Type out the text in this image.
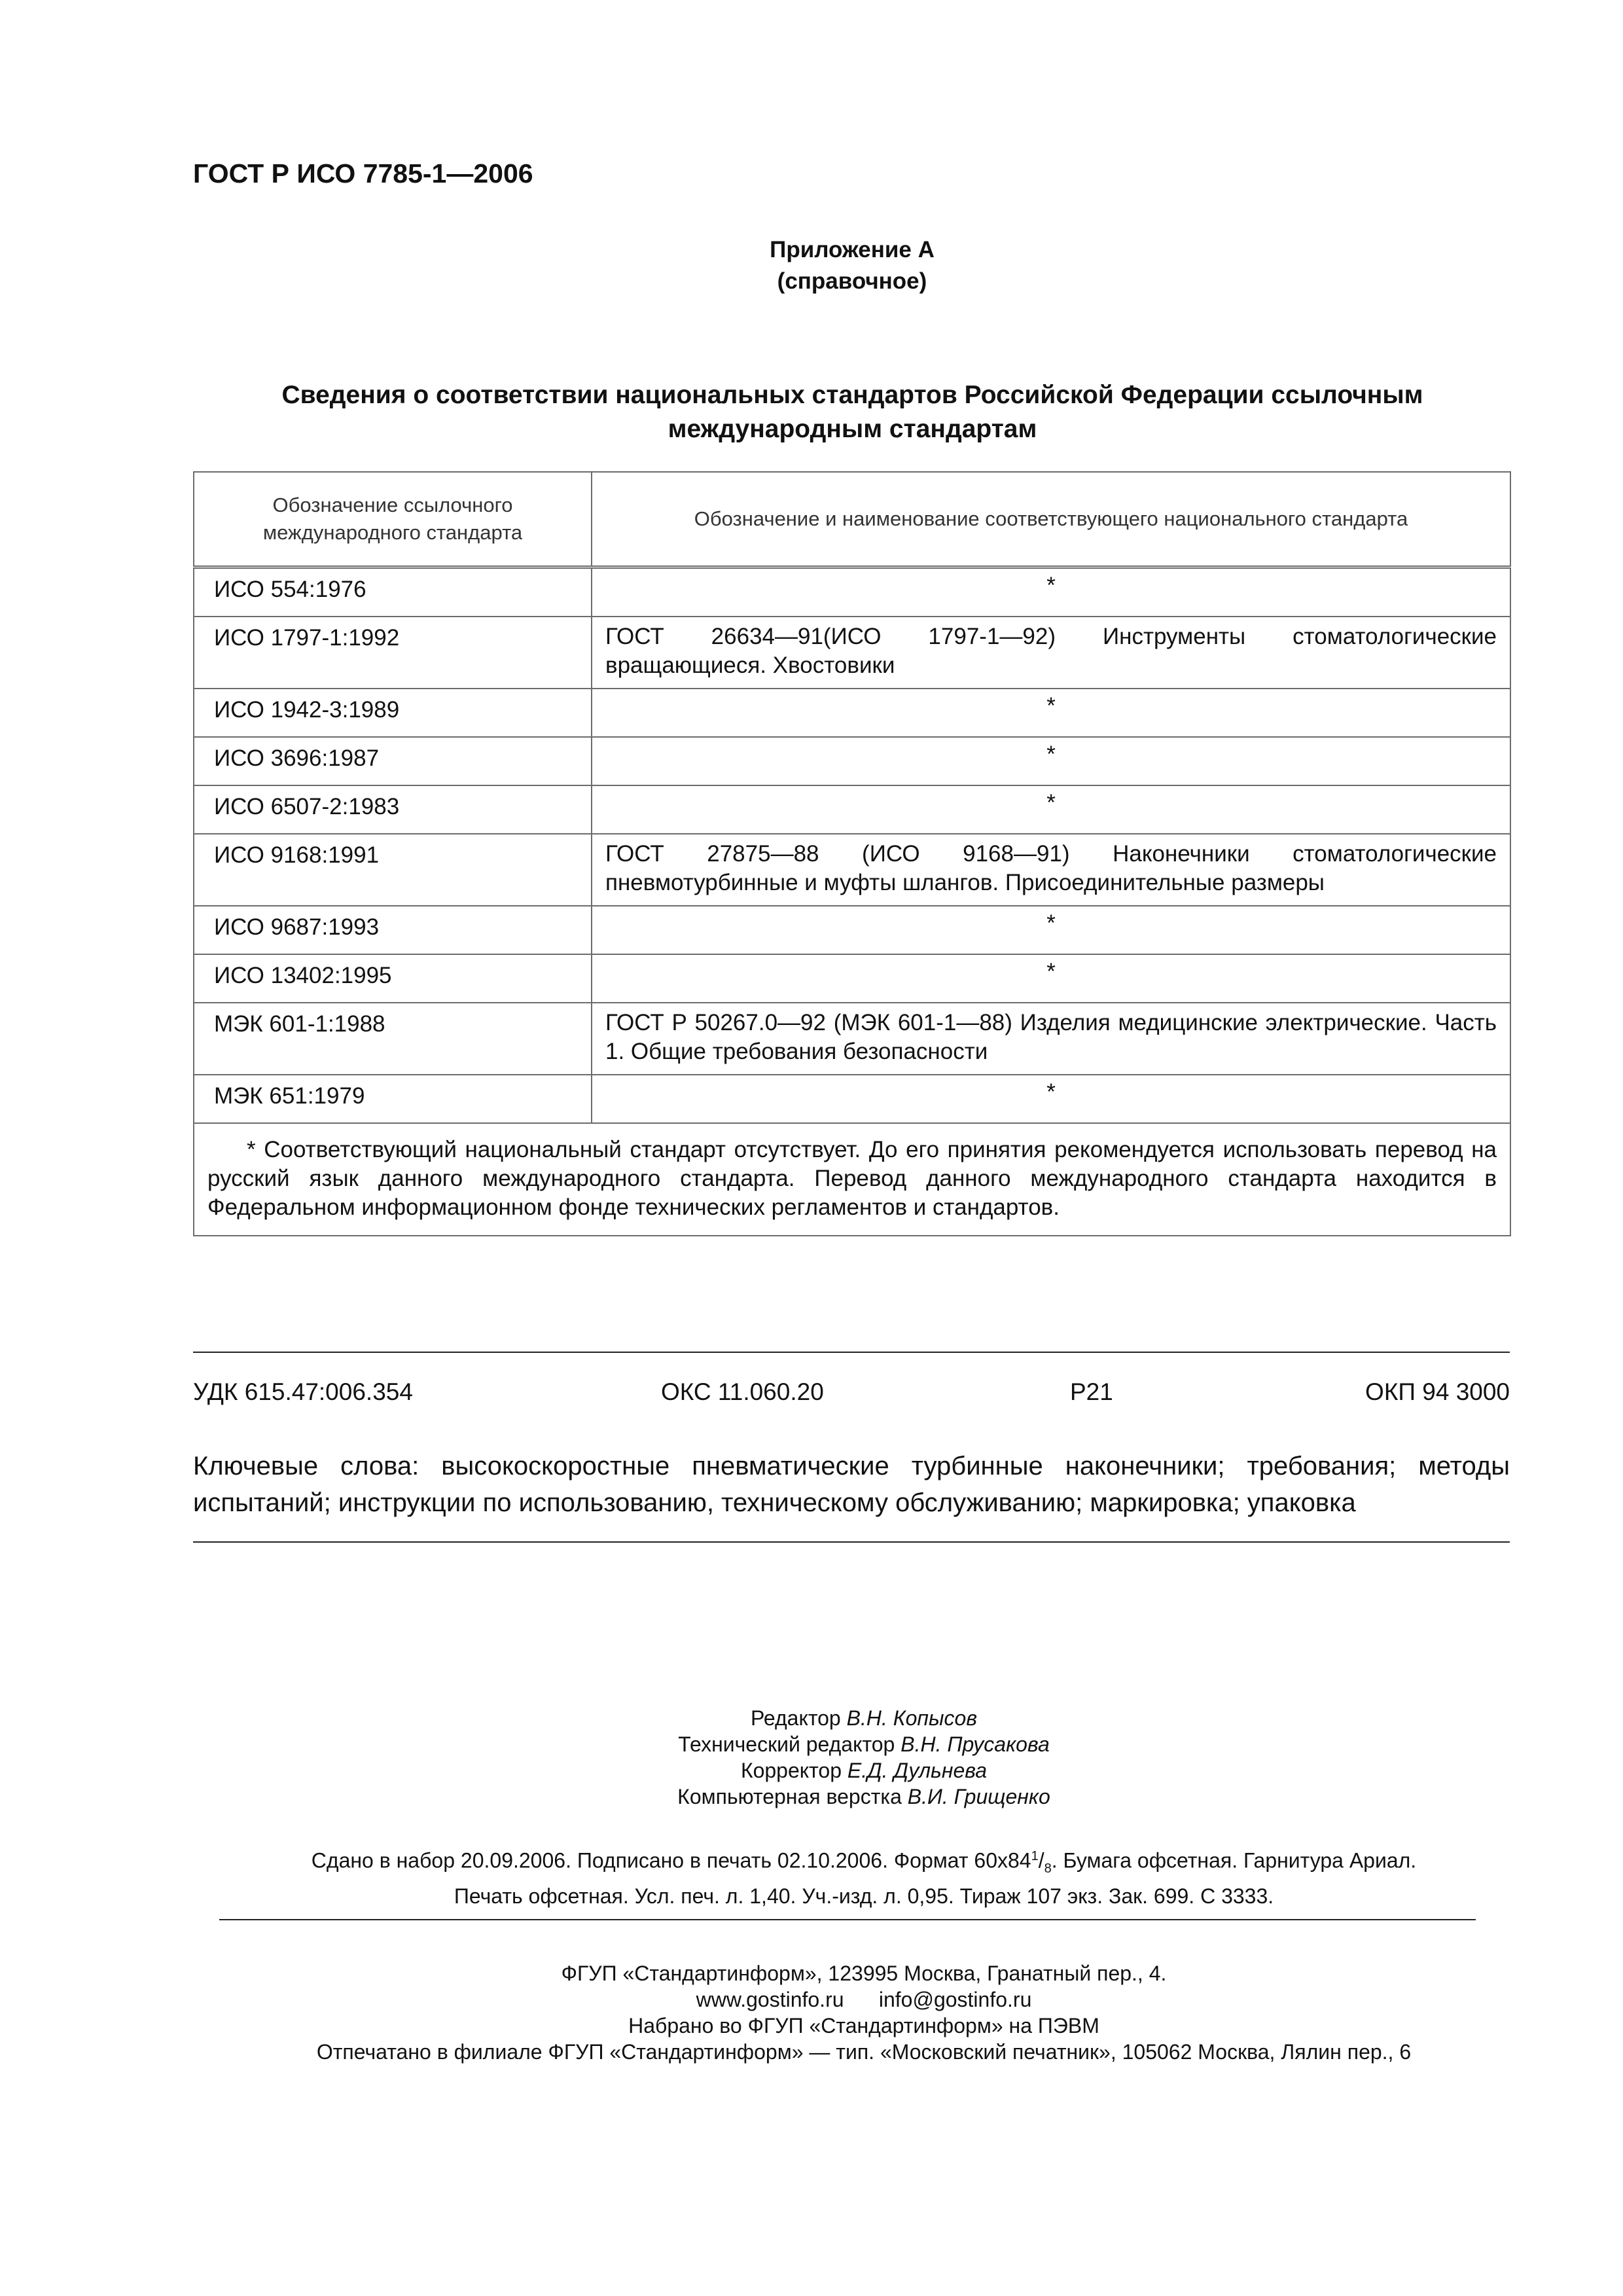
ГОСТ Р ИСО 7785-1—2006
Приложение А
(справочное)
Сведения о соответствии национальных стандартов Российской Федерации ссылочным международным стандартам
Обозначение ссылочного международного стандарта	Обозначение и наименование соответствующего национального стандарта
ИСО 554:1976	*
ИСО 1797-1:1992	ГОСТ 26634—91(ИСО 1797-1—92) Инструменты стоматологические вращающиеся. Хвостовики
ИСО 1942-3:1989	*
ИСО 3696:1987	*
ИСО 6507-2:1983	*
ИСО 9168:1991	ГОСТ 27875—88 (ИСО 9168—91) Наконечники стоматологические пневмотурбинные и муфты шлангов. Присоединительные размеры
ИСО 9687:1993	*
ИСО 13402:1995	*
МЭК 601-1:1988	ГОСТ Р 50267.0—92 (МЭК 601-1—88) Изделия медицинские электрические. Часть 1. Общие требования безопасности
МЭК 651:1979	*
* Соответствующий национальный стандарт отсутствует. До его принятия рекомендуется использовать перевод на русский язык данного международного стандарта. Перевод данного международного стандарта находится в Федеральном информационном фонде технических регламентов и стандартов.	
УДК 615.47:006.354	ОКС 11.060.20	Р21	ОКП 94 3000
Ключевые слова: высокоскоростные пневматические турбинные наконечники; требования; методы испытаний; инструкции по использованию, техническому обслуживанию; маркировка; упаковка
Редактор В.Н. Копысов
Технический редактор В.Н. Прусакова
Корректор Е.Д. Дульнева
Компьютерная верстка В.И. Грищенко
Сдано в набор 20.09.2006. Подписано в печать 02.10.2006. Формат $60х84^1/_8$. Бумага офсетная. Гарнитура Ариал.
Печать офсетная. Усл. печ. л. 1,40. Уч.-изд. л. 0,95. Тираж 107 экз. Зак. 699. С 3333.
ФГУП «Стандартинформ», 123995 Москва, Гранатный пер., 4.
www.gostinfo.ru info@gostinfo.ru
Набрано во ФГУП «Стандартинформ» на ПЭВМ
Отпечатано в филиале ФГУП «Стандартинформ» — тип. «Московский печатник», 105062 Москва, Лялин пер., 6
